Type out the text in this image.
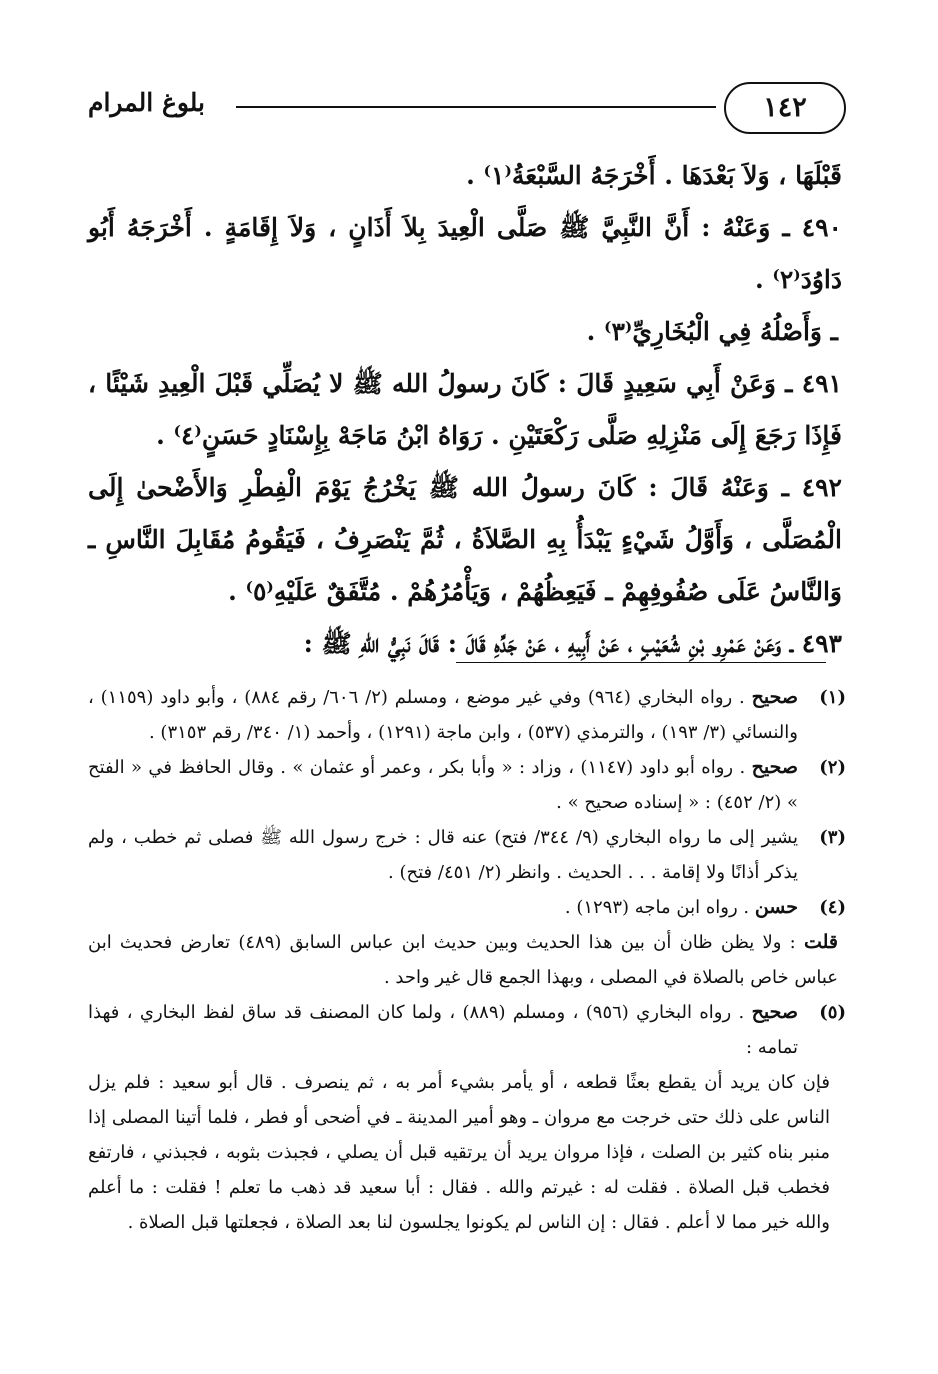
١٤٢
بلوغ المرام

قَبْلَهَا ، وَلاَ بَعْدَهَا . أَخْرَجَهُ السَّبْعَةُ⁽١⁾ .

٤٩٠ ـ وَعَنْهُ : أَنَّ النَّبِيَّ ﷺ صَلَّى الْعِيدَ بِلاَ أَذَانٍ ، وَلاَ إِقَامَةٍ . أَخْرَجَهُ أَبُو دَاوُدَ⁽٢⁾ .

ـ وَأَصْلُهُ فِي الْبُخَارِيِّ⁽٣⁾ .

٤٩١ ـ وَعَنْ أَبِي سَعِيدٍ قَالَ : كَانَ رسولُ الله ﷺ لا يُصَلِّي قَبْلَ الْعِيدِ شَيْئًا ، فَإِذَا رَجَعَ إِلَى مَنْزِلِهِ صَلَّى رَكْعَتَيْنِ . رَوَاهُ ابْنُ مَاجَهْ بِإِسْنَادٍ حَسَنٍ⁽٤⁾ .

٤٩٢ ـ وَعَنْهُ قَالَ : كَانَ رسولُ الله ﷺ يَخْرُجُ يَوْمَ الْفِطْرِ وَالأَضْحىٰ إِلَى الْمُصَلَّى ، وَأَوَّلُ شَيْءٍ يَبْدَأُ بِهِ الصَّلاَةُ ، ثُمَّ يَنْصَرِفُ ، فَيَقُومُ مُقَابِلَ النَّاسِ ـ وَالنَّاسُ عَلَى صُفُوفِهِمْ ـ فَيَعِظُهُمْ ، وَيَأْمُرُهُمْ . مُتَّفَقٌ عَلَيْهِ⁽٥⁾ .

٤٩٣ ـ وَعَنْ عَمْرِو بْنِ شُعَيْبٍ ، عَنْ أَبِيهِ ، عَنْ جَدِّهِ قَالَ : قَالَ نَبِيُّ اللهِ ﷺ :

(١)
صحيح . رواه البخاري (٩٦٤) وفي غير موضع ، ومسلم (٢/ ٦٠٦/ رقم ٨٨٤) ، وأبو داود (١١٥٩) ، والنسائي (٣/ ١٩٣) ، والترمذي (٥٣٧) ، وابن ماجة (١٢٩١) ، وأحمد (١/ ٣٤٠/ رقم ٣١٥٣) .
(٢)
صحيح . رواه أبو داود (١١٤٧) ، وزاد : « وأبا بكر ، وعمر أو عثمان » . وقال الحافظ في « الفتح » (٢/ ٤٥٢) : « إسناده صحيح » .
(٣)
يشير إلى ما رواه البخاري (٩/ ٣٤٤/ فتح) عنه قال : خرج رسول الله ﷺ فصلى ثم خطب ، ولم يذكر أذانًا ولا إقامة . . . الحديث . وانظر (٢/ ٤٥١/ فتح) .
(٤)
حسن . رواه ابن ماجه (١٢٩٣) .

قلت : ولا يظن ظان أن بين هذا الحديث وبين حديث ابن عباس السابق (٤٨٩) تعارض فحديث ابن عباس خاص بالصلاة في المصلى ، وبهذا الجمع قال غير واحد .

(٥)
صحيح . رواه البخاري (٩٥٦) ، ومسلم (٨٨٩) ، ولما كان المصنف قد ساق لفظ البخاري ، فهذا تمامه :

فإن كان يريد أن يقطع بعثًا قطعه ، أو يأمر بشيء أمر به ، ثم ينصرف . قال أبو سعيد : فلم يزل الناس على ذلك حتى خرجت مع مروان ـ وهو أمير المدينة ـ في أضحى أو فطر ، فلما أتينا المصلى إذا منبر بناه كثير بن الصلت ، فإذا مروان يريد أن يرتقيه قبل أن يصلي ، فجبذت بثوبه ، فجبذني ، فارتفع فخطب قبل الصلاة . فقلت له : غيرتم والله . فقال : أبا سعيد قد ذهب ما تعلم ! فقلت : ما أعلم والله خير مما لا أعلم . فقال : إن الناس لم يكونوا يجلسون لنا بعد الصلاة ، فجعلتها قبل الصلاة .
